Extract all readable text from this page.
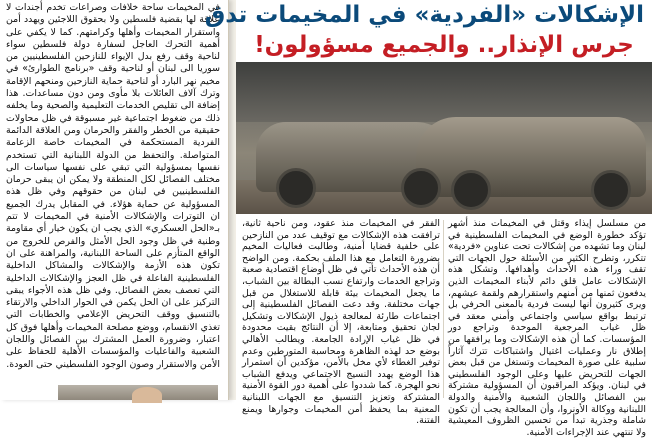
في المخيمات ساحة خلافات وصراعات تخدم أجندات لا علاقة لها بقضية فلسطين ولا بحقوق اللاجئين ويهدد أمن واستقرار المخيمات وأهلها وكرامتهم. كما لا يكفي على أهمية التحرك العاجل لسفارة دولة فلسطين سواء لناحية وقف رفع بدل الإيواء للنازحين الفلسطينيين من سوريا الى لبنان أو لناحية وقف «برنامج الطوارئ» في مخيم نهر البارد أو لناحية حماية النازحين ومنحهم الإقامة وترك آلاف العائلات بلا مأوى ومن دون مساعدات. هذا إضافة الى تقليص الخدمات التعليمية والصحية وما يخلفه ذلك من ضغوط اجتماعية غير مسبوقة في ظل محاولات حقيقية من الخطر والفقر والحرمان ومن العلاقة الدائمة الفردية المستحكمة في المخيمات خاصة الزعامة المتواصلة. والتحفظ من الدولة اللبنانية التي تستخدم نفسها بمسؤولية التي تبقي على نفسها سياسات الى مختلف الفصائل لكل المنطقة ولا يمكن ان يبقى حرمان الفلسطينيين في لبنان من حقوقهم وفي ظل هذه المسؤولية عن حماية هؤلاء. في المقابل يدرك الجميع ان التوترات والإشكالات الأمنية في المخيمات لا تتم بـ«الحل العسكري» الذي يجب ان يكون خيار أي مقاومة وطنية في ظل وجود الحل الأمثل والفرص للخروج من الواقع المتأزم على الساحة اللبنانية، والمراهنة على ان تكون هذه الأزمة والإشكالات والمشاكل الداخلية الفلسطينية الفاعلة في ظل العجز والإشكالات الداخلية التي تعصف بعض الفصائل. وفي ظل هذه الأجواء يبقى التركيز على ان الحل يكمن في الحوار الداخلي والارتقاء بالتنسيق ووقف التحريض الإعلامي والخطابات التي تغذي الانقسام، ووضع مصلحة المخيمات وأهلها فوق كل اعتبار، وضرورة العمل المشترك بين الفصائل واللجان الشعبية والفاعليات والمؤسسات الأهلية للحفاظ على الأمن والاستقرار وصون الوجود الفلسطيني حتى العودة.

الإشكالات «الفردية» في المخيمات تدق
جرس الإنذار.. والجميع مسؤولون!

من مسلسل إيذاء وقتل في المخيمات منذ أشهر تؤكد خطورة الوضع في المخيمات الفلسطينية في لبنان وما تشهده من إشكالات تحت عناوين «فردية» تتكرر، وتطرح الكثير من الأسئلة حول الجهات التي تقف وراء هذه الأحداث وأهدافها. وتشكل هذه الإشكالات عامل قلق دائم لأبناء المخيمات الذين يدفعون ثمنها من أمنهم واستقرارهم ولقمة عيشهم، ويرى كثيرون أنها ليست فردية بالمعنى الحرفي بل ترتبط بواقع سياسي واجتماعي وأمني معقد في ظل غياب المرجعية الموحدة وتراجع دور المؤسسات. كما أن هذه الإشكالات وما يرافقها من إطلاق نار وعمليات اغتيال واشتباكات تترك آثاراً سلبية على صورة المخيمات وتستغل من قبل بعض الجهات للتحريض عليها وعلى الوجود الفلسطيني في لبنان. ويؤكد المراقبون أن المسؤولية مشتركة بين الفصائل واللجان الشعبية والأمنية والدولة اللبنانية ووكالة الأونروا، وأن المعالجة يجب أن تكون شاملة وجذرية تبدأ من تحسين الظروف المعيشية ولا تنتهي عند الإجراءات الأمنية.

الفقر في المخيمات منذ عقود، ومن ناحية ثانية، ترافقت هذه الإشكالات مع توقيف عدد من النازحين على خلفية قضايا أمنية، وطالبت فعاليات المخيم بضرورة التعامل مع هذا الملف بحكمة. ومن الواضح أن هذه الأحداث تأتي في ظل أوضاع اقتصادية صعبة وتراجع الخدمات وارتفاع نسب البطالة بين الشباب، ما يجعل المخيمات بيئة قابلة للاستغلال من قبل جهات مختلفة. وقد دعت الفصائل الفلسطينية إلى اجتماعات طارئة لمعالجة ذيول الإشكالات وتشكيل لجان تحقيق ومتابعة، إلا أن النتائج بقيت محدودة في ظل غياب الإرادة الجامعة. ويطالب الأهالي بوضع حد لهذه الظاهرة ومحاسبة المتورطين وعدم توفير الغطاء لأي مخل بالأمن، مؤكدين أن استمرار هذا الوضع يهدد النسيج الاجتماعي ويدفع الشباب نحو الهجرة. كما شددوا على أهمية دور القوة الأمنية المشتركة وتعزيز التنسيق مع الجهات اللبنانية المعنية بما يحفظ أمن المخيمات وجوارها ويمنع الفتنة.
